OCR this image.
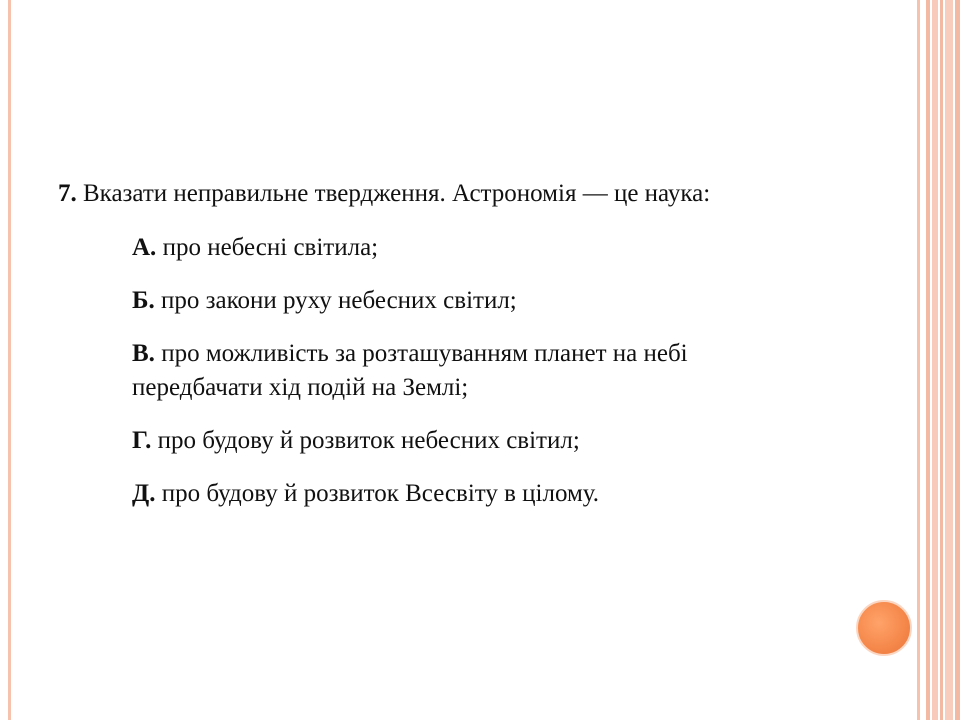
7. Вказати неправильне твердження. Астрономія — це наука:

А. про небесні світила;
Б. про закони руху небесних світил;
В. про можливість за розташуванням планет на небі передбачати хід подій на Землі;
Г. про будову й розвиток небесних світил;
Д. про будову й розвиток Всесвіту в цілому.
